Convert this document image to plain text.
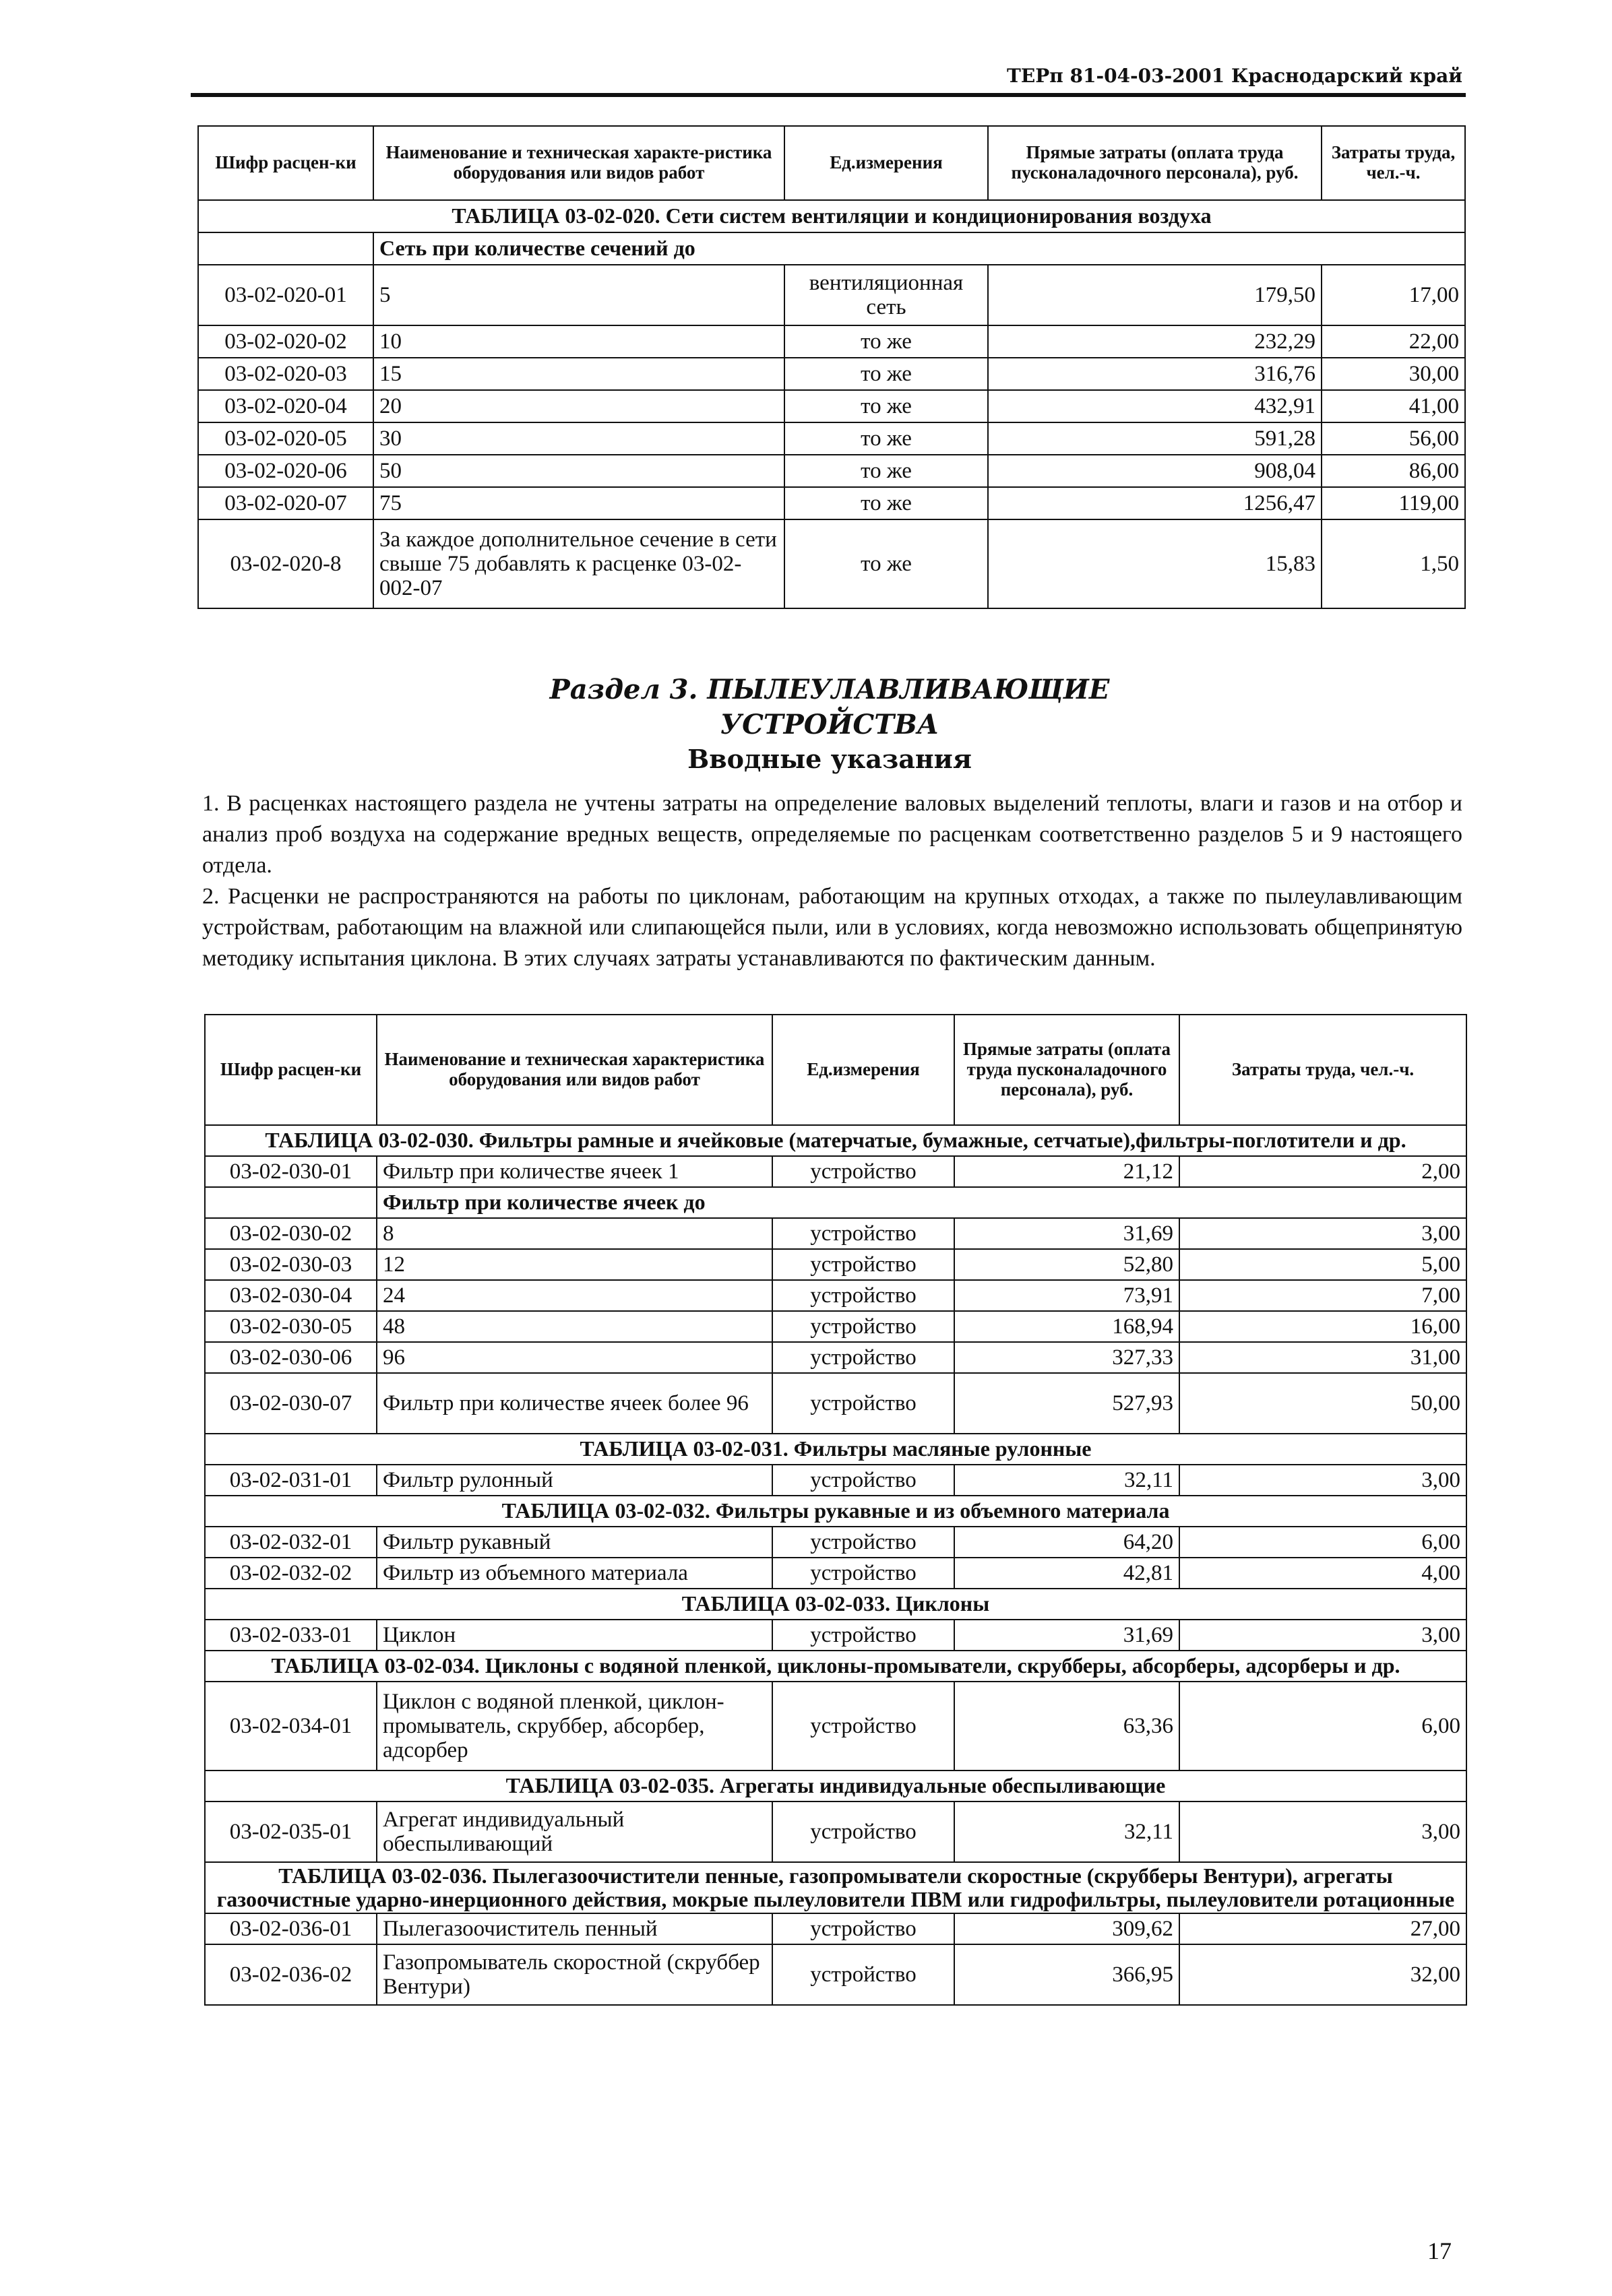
ТЕРп 81-04-03-2001 Краснодарский край
Шифр расцен-ки	Наименование и техническая характе-ристика оборудования или видов работ	Ед.измерения	Прямые затраты (оплата труда пусконаладочного персонала), руб.	Затраты труда, чел.-ч.
ТАБЛИЦА 03-02-020. Сети систем вентиляции и кондиционирования воздуха				
	Сеть при количестве сечений до			
03-02-020-01	5	вентиляционная сеть	179,50	17,00
03-02-020-02	10	то же	232,29	22,00
03-02-020-03	15	то же	316,76	30,00
03-02-020-04	20	то же	432,91	41,00
03-02-020-05	30	то же	591,28	56,00
03-02-020-06	50	то же	908,04	86,00
03-02-020-07	75	то же	1256,47	119,00
03-02-020-8	За каждое дополнительное сечение в сети свыше 75 добавлять к расценке 03-02-002-07	то же	15,83	1,50
Раздел 3. ПЫЛЕУЛАВЛИВАЮЩИЕ
УСТРОЙСТВА
Вводные указания

1. В расценках настоящего раздела не учтены затраты на определение валовых выделений теплоты, влаги и газов и на отбор и анализ проб воздуха на содержание вредных веществ, определяемые по расценкам соответственно разделов 5 и 9 настоящего отдела.

2. Расценки не распространяются на работы по циклонам, работающим на крупных отходах, а также по пылеулавливающим устройствам, работающим на влажной или слипающейся пыли, или в условиях, когда невозможно использовать общепринятую методику испытания циклона. В этих случаях затраты устанавливаются по фактическим данным.

Шифр расцен-ки	Наименование и техническая характеристика оборудования или видов работ	Ед.измерения	Прямые затраты (оплата труда пусконаладочного персонала), руб.	Затраты труда, чел.-ч.
ТАБЛИЦА 03-02-030. Фильтры рамные и ячейковые (матерчатые, бумажные, сетчатые),фильтры-поглотители и др.				
03-02-030-01	Фильтр при количестве ячеек 1	устройство	21,12	2,00
	Фильтр при количестве ячеек до			
03-02-030-02	8	устройство	31,69	3,00
03-02-030-03	12	устройство	52,80	5,00
03-02-030-04	24	устройство	73,91	7,00
03-02-030-05	48	устройство	168,94	16,00
03-02-030-06	96	устройство	327,33	31,00
03-02-030-07	Фильтр при количестве ячеек более 96	устройство	527,93	50,00
ТАБЛИЦА 03-02-031. Фильтры масляные рулонные				
03-02-031-01	Фильтр рулонный	устройство	32,11	3,00
ТАБЛИЦА 03-02-032. Фильтры рукавные и из объемного материала				
03-02-032-01	Фильтр рукавный	устройство	64,20	6,00
03-02-032-02	Фильтр из объемного материала	устройство	42,81	4,00
ТАБЛИЦА 03-02-033. Циклоны				
03-02-033-01	Циклон	устройство	31,69	3,00
ТАБЛИЦА 03-02-034. Циклоны с водяной пленкой, циклоны-промыватели, скрубберы, абсорберы, адсорберы и др.				
03-02-034-01	Циклон с водяной пленкой, циклон-промыватель, скруббер, абсорбер, адсорбер	устройство	63,36	6,00
ТАБЛИЦА 03-02-035. Агрегаты индивидуальные обеспыливающие				
03-02-035-01	Агрегат индивидуальный обеспыливающий	устройство	32,11	3,00
ТАБЛИЦА 03-02-036. Пылегазоочистители пенные, газопромыватели скоростные (скрубберы Вентури), агрегаты газоочистные ударно-инерционного действия, мокрые пылеуловители ПВМ или гидрофильтры, пылеуловители ротационные				
03-02-036-01	Пылегазоочиститель пенный	устройство	309,62	27,00
03-02-036-02	Газопромыватель скоростной (скруббер Вентури)	устройство	366,95	32,00
17
